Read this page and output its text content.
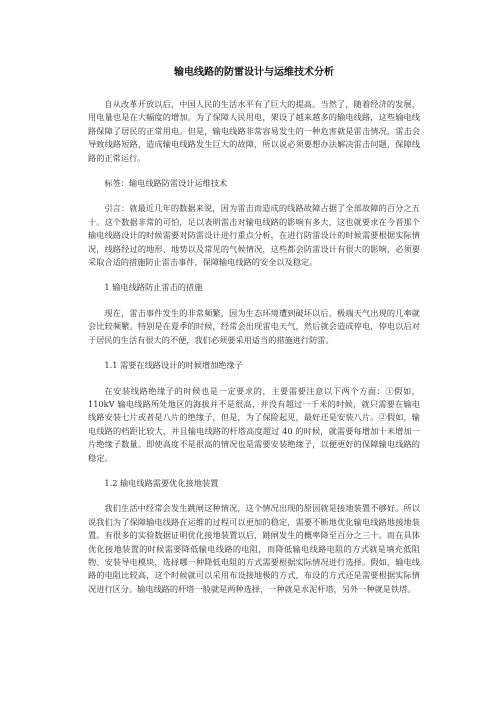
输电线路的防雷设计与运维技术分析

自从改革开放以后，中国人民的生活水平有了巨大的提高。当然了，随着经济的发展，用电量也是在大幅度的增加。为了保障人民用电，架设了越来越多的输电线路，这些输电线路保障了居民的正常用电。但是，输电线路非常容易发生的一种危害就是雷击情况，雷击会导致线路短路，造成输电线路发生巨大的故障，所以说必须要想办法解决雷击问题，保障线路的正常运行。

标签：输电线路防雷设计运维技术

引言：就最近几年的数据来说，因为雷击而造成的线路故障占据了全部故障的百分之五十。这个数据非常的可怕，足以表明雷击对输电线路的影响有多大，这也就要求在今晋那个输电线路设计的时候需要对防雷设计进行重点分析，在进行防雷设计的时候需要根据实际情况，线路经过的地形、地势以及常见的气候情况，这些都会防雷设计有很大的影响，必须要采取合适的措施防止雷击事件，保障输电线路的安全以及稳定。

1 输电线路防止雷击的措施

现在，雷击事件发生的非常频繁，因为生态环境遭到破坏以后，极端天气出现的几率就会比较频繁。特别是在夏季的时候，经常会出现雷电天气，然后就会造成停电，停电以后对于居民的生活有很大的不便，我们必须要采用适当的措施进行防雷。

1.1 需要在线路设计的时候增加绝缘子

在安装线路绝缘子的时候也是一定要求的，主要需要注意以下两个方面：①假如，110kV 输电线路所处地区的海拔并不是很高，并没有超过一千米的时候，就只需要在输电线路安装七片或者是八片的绝缘子，但是，为了保险起见，最好还是安装八片。②假如，输电线路的档距比较大，并且输电线路的杆塔高度超过 40 的时候，就需要每增加十米增加一片绝缘子数量。即使高度不是很高的情况也是需要安装绝缘子，以便更好的保障输电线路的稳定。

1.2 输电线路需要优化接地装置

我们生活中经常会发生跳闸这种情况，这个情况出现的原因就是接地装置不够好。所以说我们为了保障输电线路在运维的过程可以更加的稳定，需要不断地优化输电线路地接地装置。有很多的实验数据证明优化接地装置以后，跳闸发生的概率降至百分之三十。而在具体优化接地装置的时候需要降低输电线路的电阻，而降低输电线路电阻的方式就是填充低阻物、安装导电模块，选择哪一种降低电阻的方式需要根据实际情况进行选择。假如，输电线路的电阻比较高，这个时候就可以采用布设接地极的方式，布设的方式还是需要根据实际情况进行区分。输电线路的杆塔一般就是两种选择，一种就是水泥杆塔，另外一种就是铁塔。
